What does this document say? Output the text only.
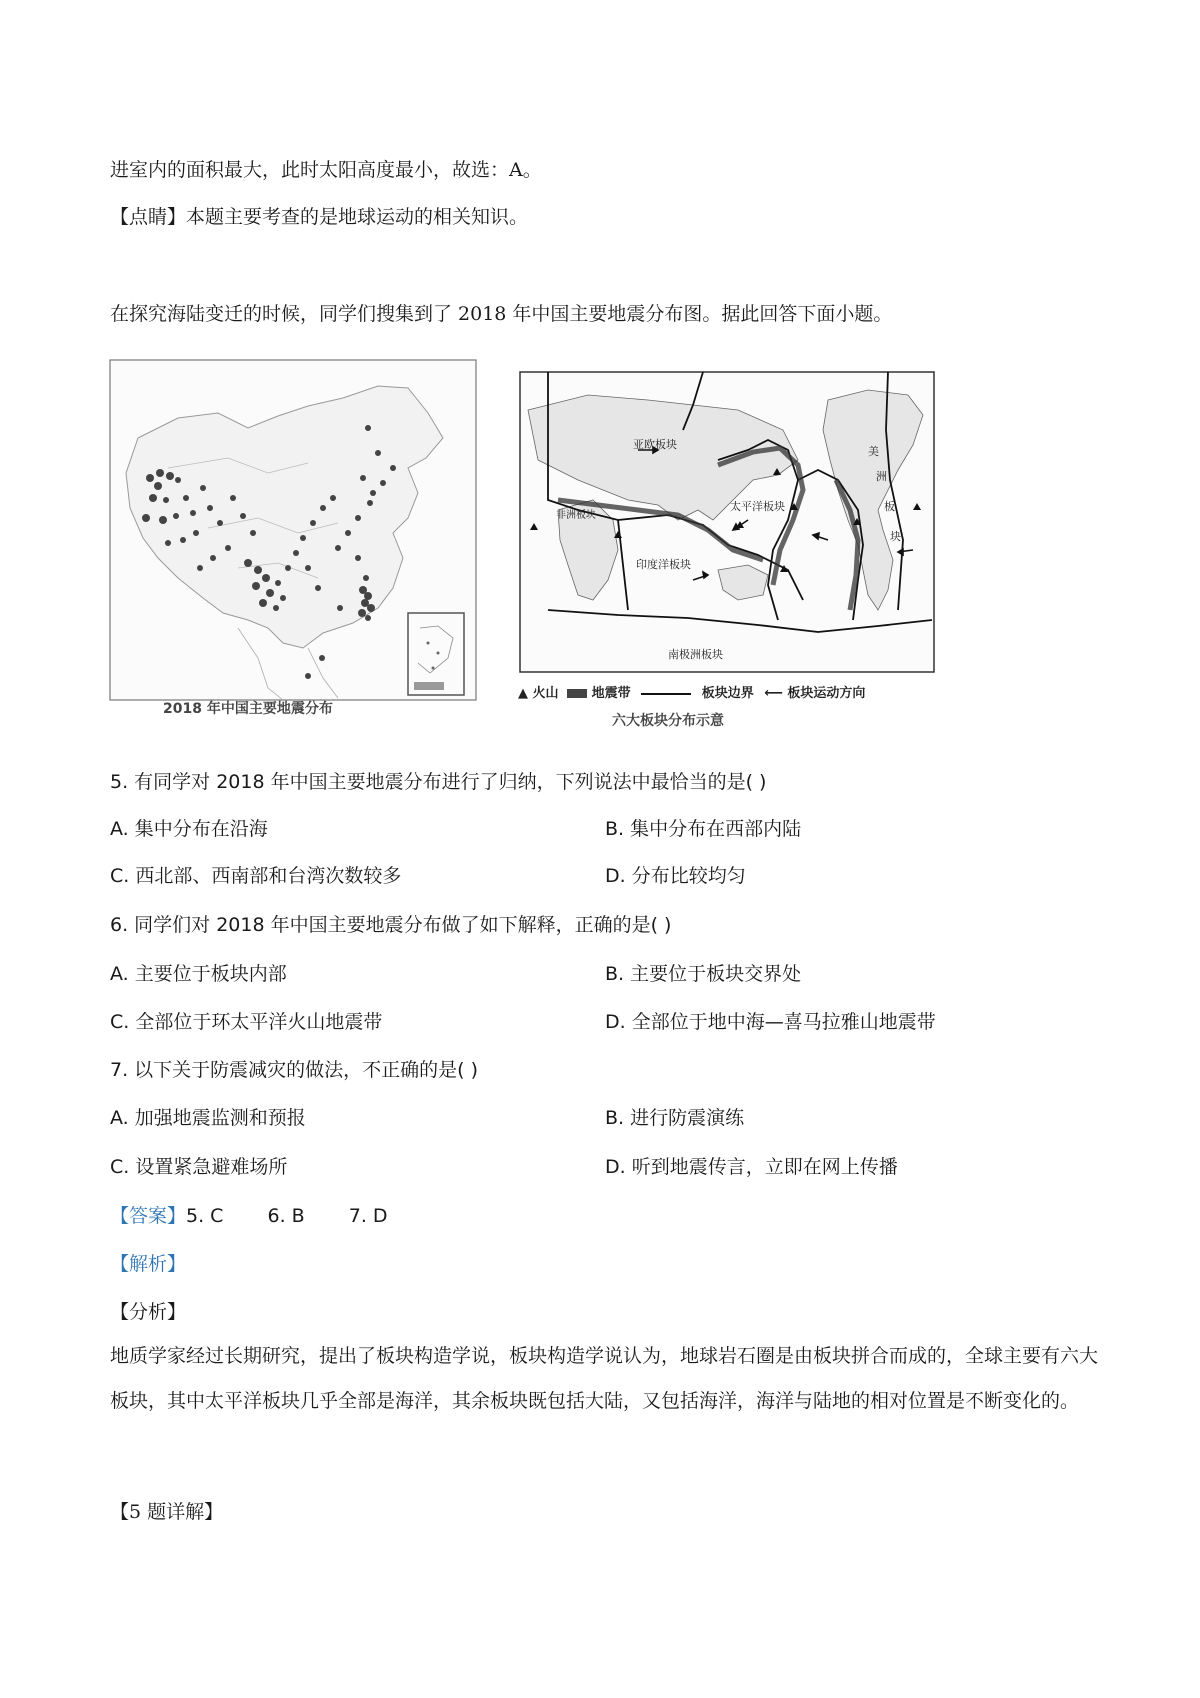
进室内的面积最大，此时太阳高度最小，故选：A。
【点睛】本题主要考查的是地球运动的相关知识。
在探究海陆变迁的时候，同学们搜集到了 2018 年中国主要地震分布图。据此回答下面小题。
2018 年中国主要地震分布
亚欧板块
非洲板块
印度洋板块
太平洋板块
南极洲板块
美
洲
板
块
▲ 火山	地震带	板块边界 ⟵ 板块运动方向
六大板块分布示意
5. 有同学对 2018 年中国主要地震分布进行了归纳，下列说法中最恰当的是( )
A. 集中分布在沿海	B. 集中分布在西部内陆
C. 西北部、西南部和台湾次数较多	D. 分布比较均匀
6. 同学们对 2018 年中国主要地震分布做了如下解释，正确的是( )
A. 主要位于板块内部	B. 主要位于板块交界处
C. 全部位于环太平洋火山地震带	D. 全部位于地中海—喜马拉雅山地震带
7. 以下关于防震减灾的做法，不正确的是( )
A. 加强地震监测和预报	B. 进行防震演练
C. 设置紧急避难场所	D. 听到地震传言，立即在网上传播
【答案】5. C 6. B 7. D
【解析】
【分析】
地质学家经过长期研究，提出了板块构造学说，板块构造学说认为，地球岩石圈是由板块拼合而成的，全球主要有六大板块，其中太平洋板块几乎全部是海洋，其余板块既包括大陆，又包括海洋，海洋与陆地的相对位置是不断变化的。
【5 题详解】
